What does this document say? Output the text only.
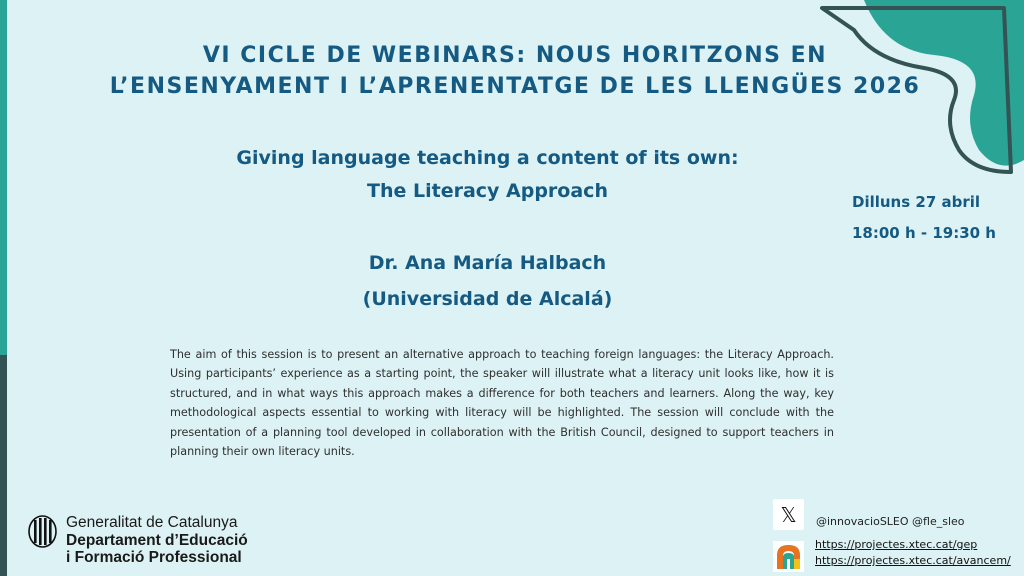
VI CICLE DE WEBINARS: NOUS HORITZONS EN
L’ENSENYAMENT I L’APRENENTATGE DE LES LLENGÜES 2026
Giving language teaching a content of its own:
The Literacy Approach
Dr. Ana María Halbach
(Universidad de Alcalá)
Dilluns 27 abril
18:00 h - 19:30 h

The aim of this session is to present an alternative approach to teaching foreign languages: the Literacy Approach. Using participants’ experience as a starting point, the speaker will illustrate what a literacy unit looks like, how it is structured, and in what ways this approach makes a difference for both teachers and learners. Along the way, key methodological aspects essential to working with literacy will be highlighted. The session will conclude with the presentation of a planning tool developed in collaboration with the British Council, designed to support teachers in planning their own literacy units.

Generalitat de Catalunya
Departament d’Educació
i Formació Professional
𝕏	@innovacioSLEO @fle_sleo
https://projectes.xtec.cat/gep
https://projectes.xtec.cat/avancem/
